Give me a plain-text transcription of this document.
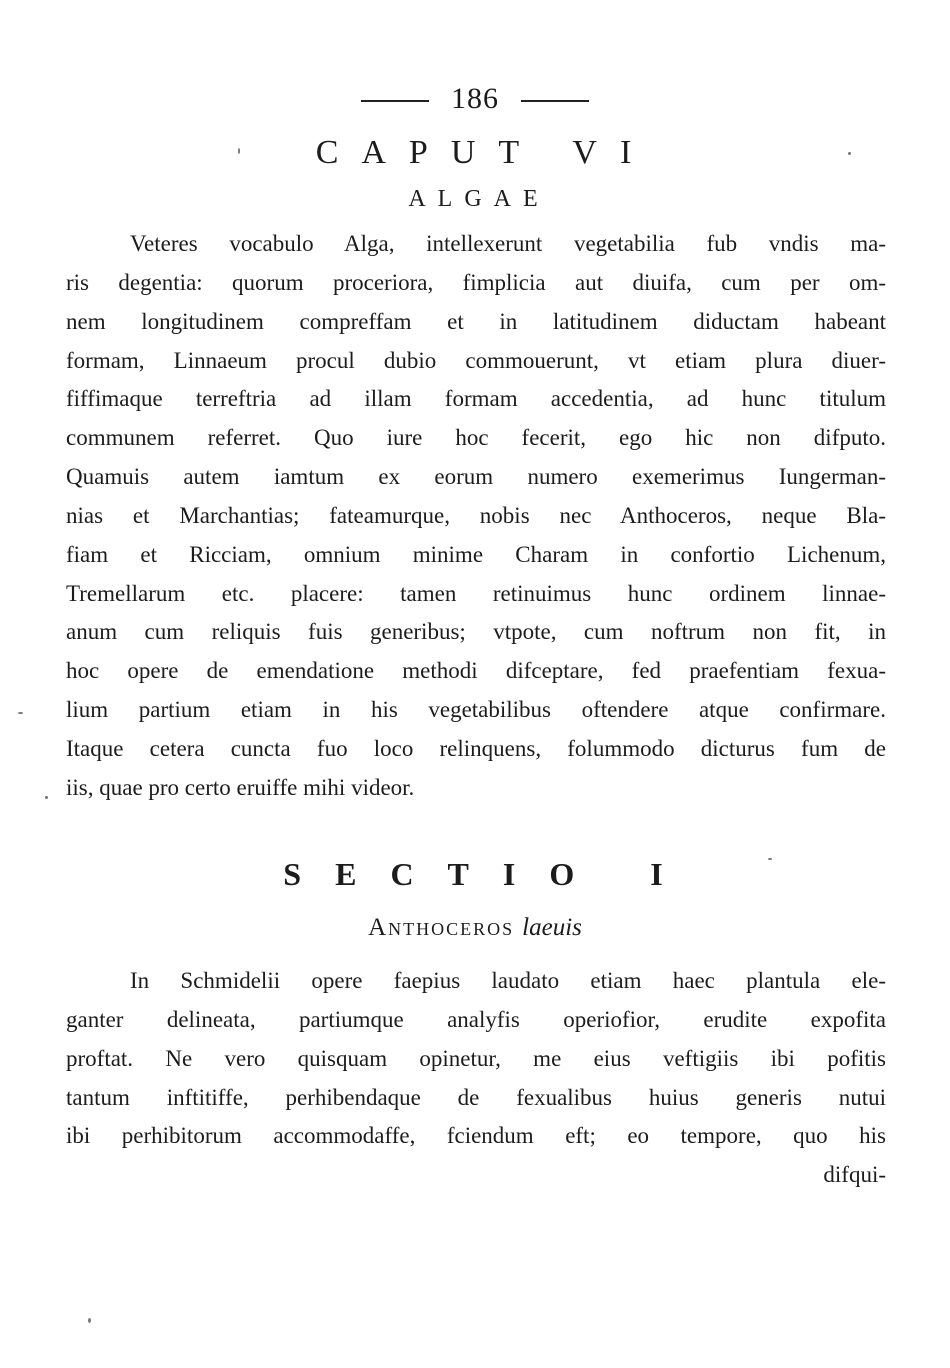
186
CAPUT VI
ALGAE
Veteres vocabulo Alga, intellexerunt vegetabilia fub vndis ma-
ris degentia: quorum proceriora, fimplicia aut diuifa, cum per om-
nem longitudinem compreffam et in latitudinem diductam habeant
formam, Linnaeum procul dubio commouerunt, vt etiam plura diuer-
fiffimaque terreftria ad illam formam accedentia, ad hunc titulum
communem referret. Quo iure hoc fecerit, ego hic non difputo.
Quamuis autem iamtum ex eorum numero exemerimus Iungerman-
nias et Marchantias; fateamurque, nobis nec Anthoceros, neque Bla-
fiam et Ricciam, omnium minime Charam in confortio Lichenum,
Tremellarum etc. placere: tamen retinuimus hunc ordinem linnae-
anum cum reliquis fuis generibus; vtpote, cum noftrum non fit, in
hoc opere de emendatione methodi difceptare, fed praefentiam fexua-
lium partium etiam in his vegetabilibus oftendere atque confirmare.
Itaque cetera cuncta fuo loco relinquens, folummodo dicturus fum de
iis, quae pro certo eruiffe mihi videor.
SECTIO I
Anthoceros laeuis
In Schmidelii opere faepius laudato etiam haec plantula ele-
ganter delineata, partiumque analyfis operiofior, erudite expofita
proftat. Ne vero quisquam opinetur, me eius veftigiis ibi pofitis
tantum inftitiffe, perhibendaque de fexualibus huius generis nutui
ibi perhibitorum accommodaffe, fciendum eft; eo tempore, quo his
difqui-
